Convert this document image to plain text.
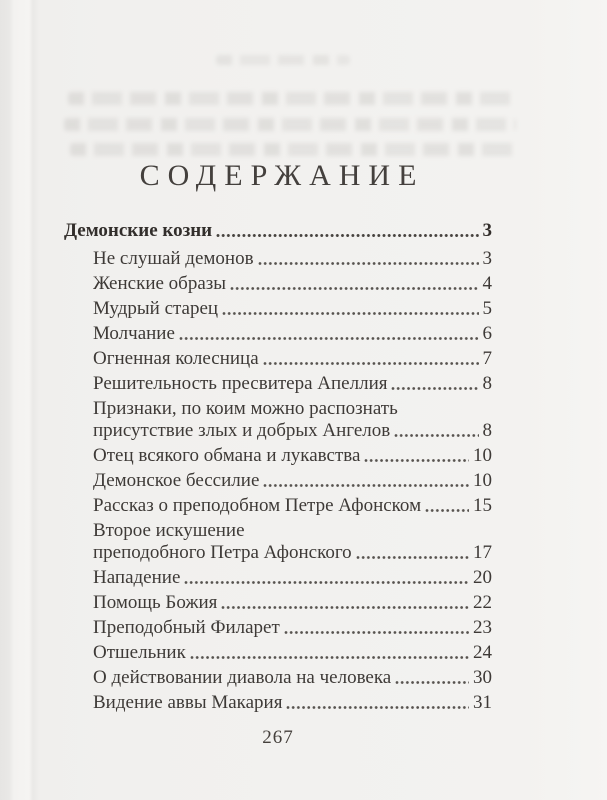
СОДЕРЖАНИЕ
Демонские козни	3
Не слушай демонов	3
Женские образы	4
Мудрый старец	5
Молчание	6
Огненная колесница	7
Решительность пресвитера Апеллия	8
Признаки, по коим можно распознать
присутствие злых и добрых Ангелов	8
Отец всякого обмана и лукавства	10
Демонское бессилие	10
Рассказ о преподобном Петре Афонском	15
Второе искушение
преподобного Петра Афонского	17
Нападение	20
Помощь Божия	22
Преподобный Филарет	23
Отшельник	24
О действовании диавола на человека	30
Видение аввы Макария	31
267
